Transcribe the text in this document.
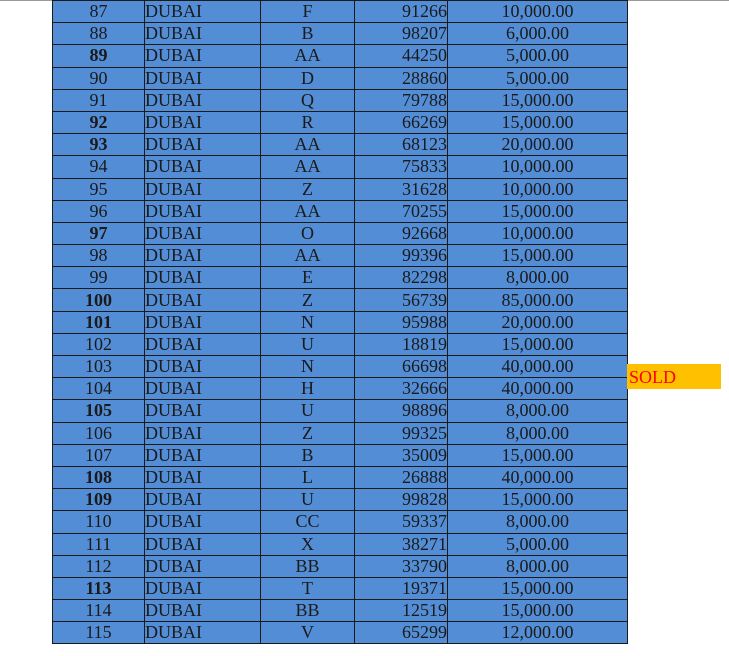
87	DUBAI	F	91266	10,000.00
88	DUBAI	B	98207	6,000.00
89	DUBAI	AA	44250	5,000.00
90	DUBAI	D	28860	5,000.00
91	DUBAI	Q	79788	15,000.00
92	DUBAI	R	66269	15,000.00
93	DUBAI	AA	68123	20,000.00
94	DUBAI	AA	75833	10,000.00
95	DUBAI	Z	31628	10,000.00
96	DUBAI	AA	70255	15,000.00
97	DUBAI	O	92668	10,000.00
98	DUBAI	AA	99396	15,000.00
99	DUBAI	E	82298	8,000.00
100	DUBAI	Z	56739	85,000.00
101	DUBAI	N	95988	20,000.00
102	DUBAI	U	18819	15,000.00
103	DUBAI	N	66698	40,000.00
104	DUBAI	H	32666	40,000.00
105	DUBAI	U	98896	8,000.00
106	DUBAI	Z	99325	8,000.00
107	DUBAI	B	35009	15,000.00
108	DUBAI	L	26888	40,000.00
109	DUBAI	U	99828	15,000.00
110	DUBAI	CC	59337	8,000.00
111	DUBAI	X	38271	5,000.00
112	DUBAI	BB	33790	8,000.00
113	DUBAI	T	19371	15,000.00
114	DUBAI	BB	12519	15,000.00
115	DUBAI	V	65299	12,000.00
SOLD
